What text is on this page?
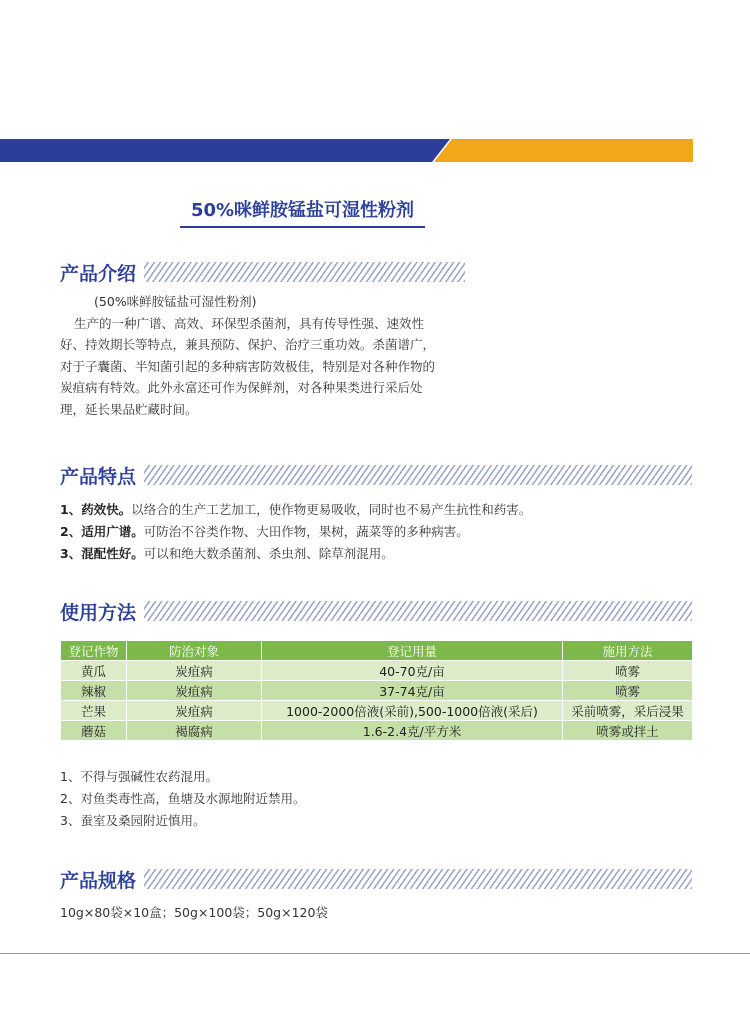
50%咪鲜胺锰盐可湿性粉剂
产品介绍

(50%咪鲜胺锰盐可湿性粉剂)

生产的一种广谱、高效、环保型杀菌剂，具有传导性强、速效性

好、持效期长等特点，兼具预防、保护、治疗三重功效。杀菌谱广，

对于子囊菌、半知菌引起的多种病害防效极佳，特别是对各种作物的

炭疽病有特效。此外永富还可作为保鲜剂，对各种果类进行采后处

理，延长果品贮藏时间。

产品特点

1、药效快。以络合的生产工艺加工，使作物更易吸收，同时也不易产生抗性和药害。

2、适用广谱。可防治不谷类作物、大田作物，果树，蔬菜等的多种病害。

3、混配性好。可以和绝大数杀菌剂、杀虫剂、除草剂混用。

使用方法
登记作物	防治对象	登记用量	施用方法
黄瓜	炭疽病	40-70克/亩	喷雾
辣椒	炭疽病	37-74克/亩	喷雾
芒果	炭疽病	1000-2000倍液(采前),500-1000倍液(采后)	采前喷雾，采后浸果
蘑菇	褐腐病	1.6-2.4克/平方米	喷雾或拌土

1、不得与强碱性农药混用。

2、对鱼类毒性高，鱼塘及水源地附近禁用。

3、蚕室及桑园附近慎用。

产品规格
10g×80袋×10盒；50g×100袋；50g×120袋
